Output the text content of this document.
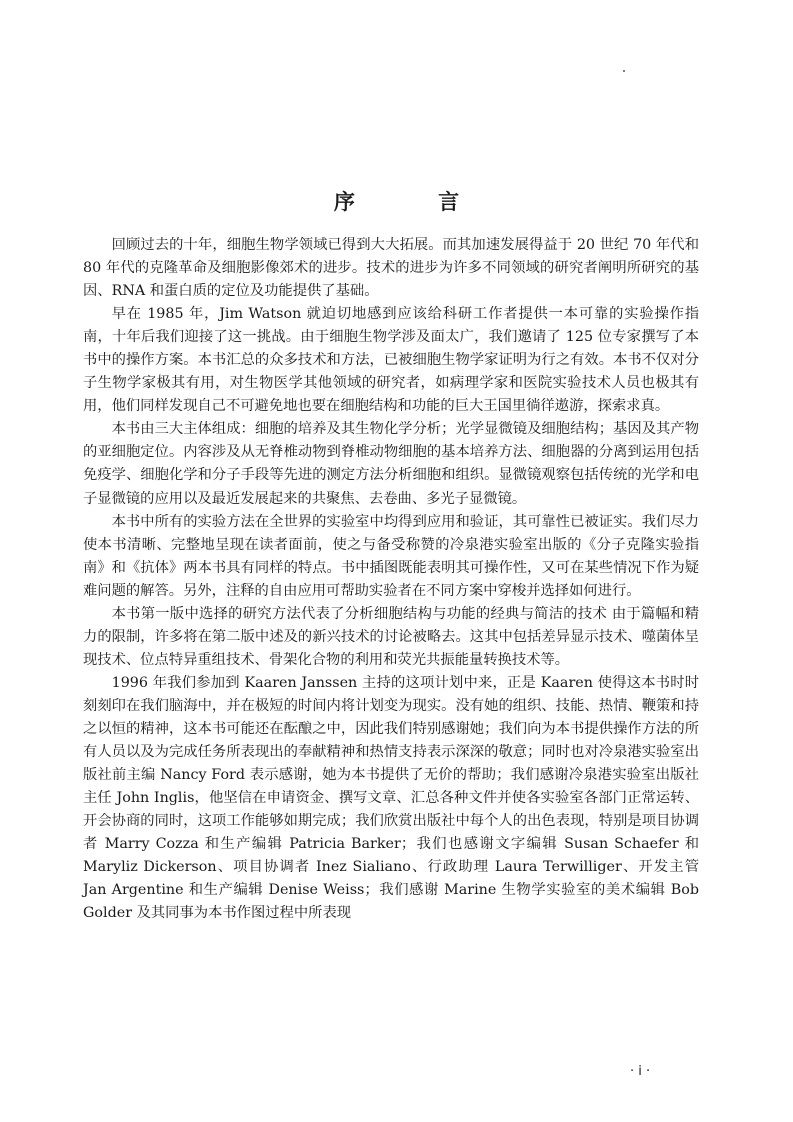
序 言

回顾过去的十年，细胞生物学领域已得到大大拓展。而其加速发展得益于 20 世纪 70 年代和 80 年代的克隆革命及细胞影像郊术的进步。技术的进步为许多不同领域的研究者阐明所研究的基因、RNA 和蛋白质的定位及功能提供了基础。

早在 1985 年，Jim Watson 就迫切地感到应该给科研工作者提供一本可靠的实验操作指南，十年后我们迎接了这一挑战。由于细胞生物学涉及面太广，我们邀请了 125 位专家撰写了本书中的操作方案。本书汇总的众多技术和方法，已被细胞生物学家证明为行之有效。本书不仅对分子生物学家极其有用，对生物医学其他领域的研究者，如病理学家和医院实验技术人员也极其有用，他们同样发现自己不可避免地也要在细胞结构和功能的巨大王国里徜徉遨游，探索求真。

本书由三大主体组成：细胞的培养及其生物化学分析；光学显微镜及细胞结构；基因及其产物的亚细胞定位。内容涉及从无脊椎动物到脊椎动物细胞的基本培养方法、细胞器的分离到运用包括免疫学、细胞化学和分子手段等先进的测定方法分析细胞和组织。显微镜观察包括传统的光学和电子显微镜的应用以及最近发展起来的共聚焦、去卷曲、多光子显微镜。

本书中所有的实验方法在全世界的实验室中均得到应用和验证，其可靠性已被证实。我们尽力使本书清晰、完整地呈现在读者面前，使之与备受称赞的冷泉港实验室出版的《分子克隆实验指南》和《抗体》两本书具有同样的特点。书中插图既能表明其可操作性，又可在某些情况下作为疑难问题的解答。另外，注释的自由应用可帮助实验者在不同方案中穿梭并选择如何进行。

本书第一版中选择的研究方法代表了分析细胞结构与功能的经典与简洁的技术 由于篇幅和精力的限制，许多将在第二版中述及的新兴技术的讨论被略去。这其中包括差异显示技术、噬菌体呈现技术、位点特异重组技术、骨架化合物的利用和荧光共振能量转换技术等。

1996 年我们参加到 Kaaren Janssen 主持的这项计划中来，正是 Kaaren 使得这本书时时刻刻印在我们脑海中，并在极短的时间内将计划变为现实。没有她的组织、技能、热情、鞭策和持之以恒的精神，这本书可能还在酝酿之中，因此我们特别感谢她；我们向为本书提供操作方法的所有人员以及为完成任务所表现出的奉献精神和热情支持表示深深的敬意；同时也对冷泉港实验室出版社前主编 Nancy Ford 表示感谢，她为本书提供了无价的帮助；我们感谢冷泉港实验室出版社主任 John Inglis，他坚信在申请资金、撰写文章、汇总各种文件并使各实验室各部门正常运转、开会协商的同时，这项工作能够如期完成；我们欣赏出版社中每个人的出色表现，特别是项目协调者 Marry Cozza 和生产编辑 Patricia Barker；我们也感谢文字编辑 Susan Schaefer 和 Maryliz Dickerson、项目协调者 Inez Sialiano、行政助理 Laura Terwilliger、开发主管 Jan Argentine 和生产编辑 Denise Weiss；我们感谢 Marine 生物学实验室的美术编辑 Bob Golder 及其同事为本书作图过程中所表现

· i ·
